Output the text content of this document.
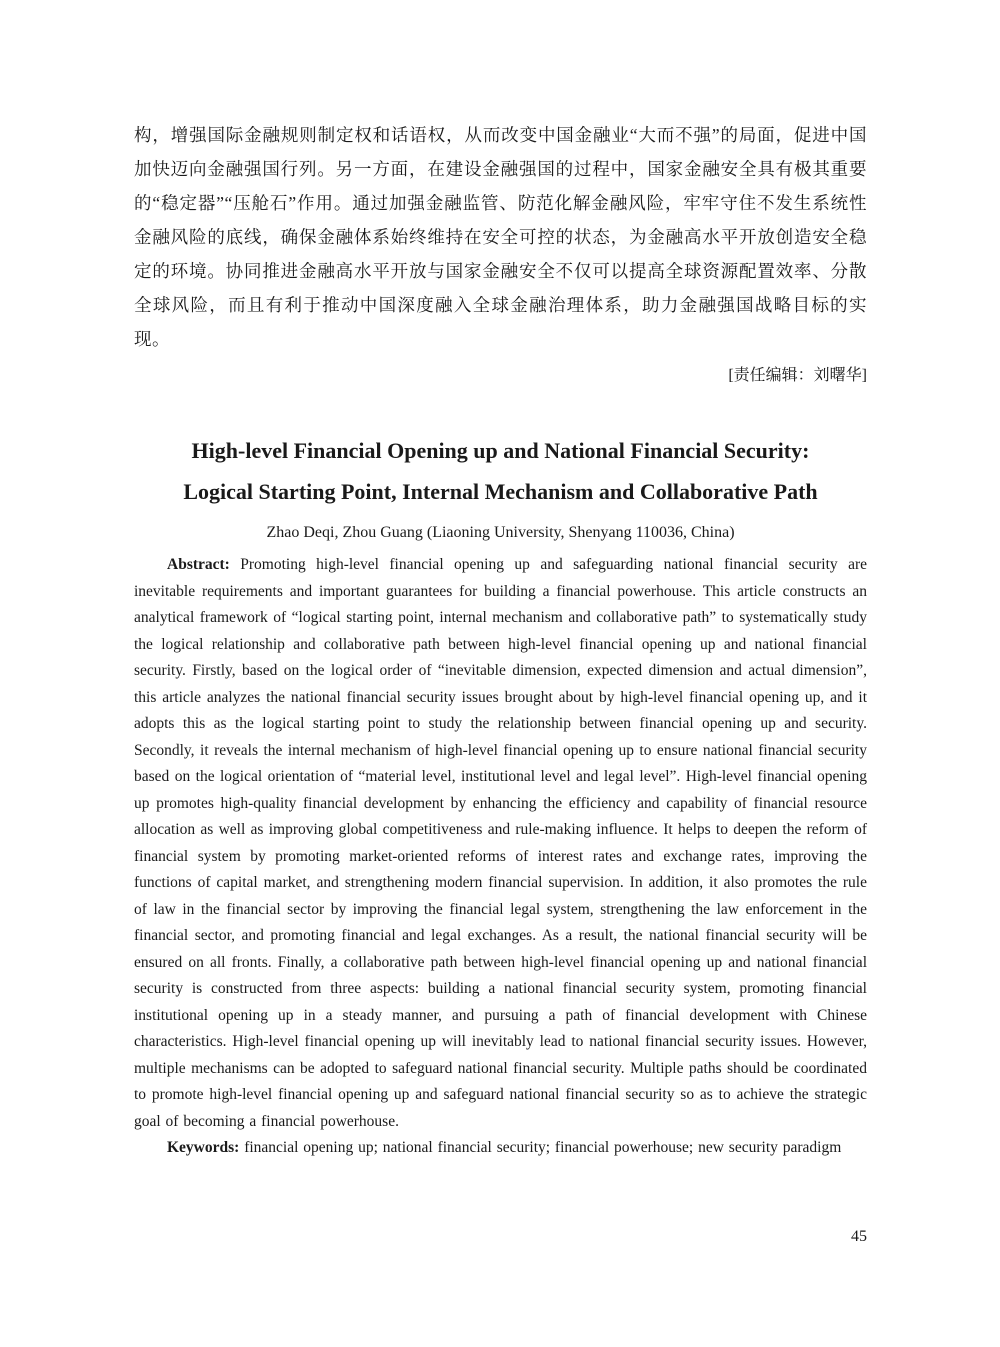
构，增强国际金融规则制定权和话语权，从而改变中国金融业“大而不强”的局面，促进中国加快迈向金融强国行列。另一方面，在建设金融强国的过程中，国家金融安全具有极其重要的“稳定器”“压舱石”作用。通过加强金融监管、防范化解金融风险，牢牢守住不发生系统性金融风险的底线，确保金融体系始终维持在安全可控的状态，为金融高水平开放创造安全稳定的环境。协同推进金融高水平开放与国家金融安全不仅可以提高全球资源配置效率、分散全球风险，而且有利于推动中国深度融入全球金融治理体系，助力金融强国战略目标的实现。

[责任编辑：刘曙华]

High-level Financial Opening up and National Financial Security:
Logical Starting Point, Internal Mechanism and Collaborative Path

Zhao Deqi, Zhou Guang (Liaoning University, Shenyang 110036, China)

Abstract: Promoting high-level financial opening up and safeguarding national financial security are inevitable requirements and important guarantees for building a financial powerhouse. This article constructs an analytical framework of “logical starting point, internal mechanism and collaborative path” to systematically study the logical relationship and collaborative path between high-level financial opening up and national financial security. Firstly, based on the logical order of “inevitable dimension, expected dimension and actual dimension”, this article analyzes the national financial security issues brought about by high-level financial opening up, and it adopts this as the logical starting point to study the relationship between financial opening up and security. Secondly, it reveals the internal mechanism of high-level financial opening up to ensure national financial security based on the logical orientation of “material level, institutional level and legal level”. High-level financial opening up promotes high-quality financial development by enhancing the efficiency and capability of financial resource allocation as well as improving global competitiveness and rule-making influence. It helps to deepen the reform of financial system by promoting market-oriented reforms of interest rates and exchange rates, improving the functions of capital market, and strengthening modern financial supervision. In addition, it also promotes the rule of law in the financial sector by improving the financial legal system, strengthening the law enforcement in the financial sector, and promoting financial and legal exchanges. As a result, the national financial security will be ensured on all fronts. Finally, a collaborative path between high-level financial opening up and national financial security is constructed from three aspects: building a national financial security system, promoting financial institutional opening up in a steady manner, and pursuing a path of financial development with Chinese characteristics. High-level financial opening up will inevitably lead to national financial security issues. However, multiple mechanisms can be adopted to safeguard national financial security. Multiple paths should be coordinated to promote high-level financial opening up and safeguard national financial security so as to achieve the strategic goal of becoming a financial powerhouse.

Keywords: financial opening up; national financial security; financial powerhouse; new security paradigm

45
